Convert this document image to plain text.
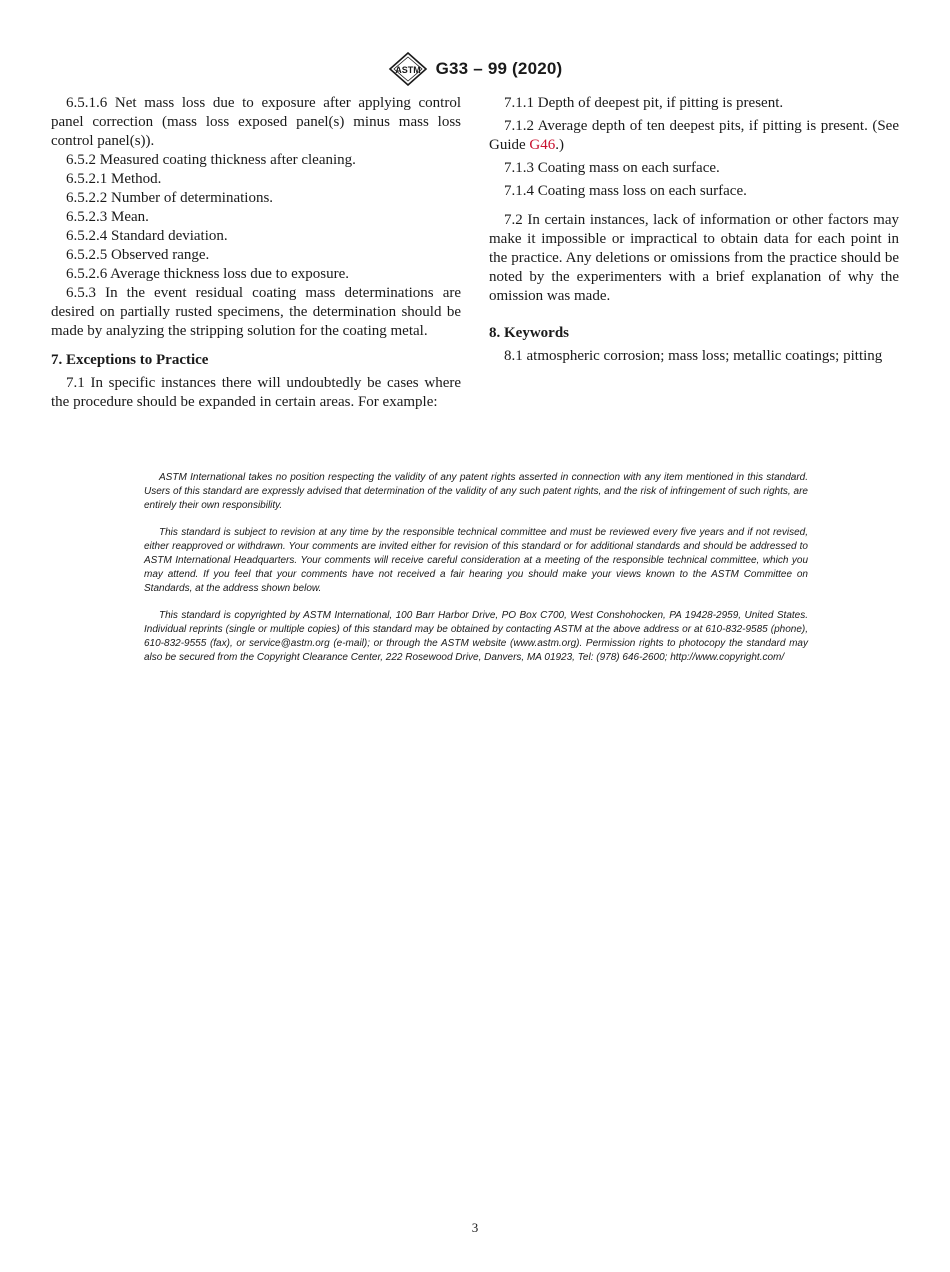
ASTM G33 – 99 (2020)

6.5.1.6 Net mass loss due to exposure after applying control panel correction (mass loss exposed panel(s) minus mass loss control panel(s)).

6.5.2 Measured coating thickness after cleaning.

6.5.2.1 Method.

6.5.2.2 Number of determinations.

6.5.2.3 Mean.

6.5.2.4 Standard deviation.

6.5.2.5 Observed range.

6.5.2.6 Average thickness loss due to exposure.

6.5.3 In the event residual coating mass determinations are desired on partially rusted specimens, the determination should be made by analyzing the stripping solution for the coating metal.

7. Exceptions to Practice

7.1 In specific instances there will undoubtedly be cases where the procedure should be expanded in certain areas. For example:

7.1.1 Depth of deepest pit, if pitting is present.

7.1.2 Average depth of ten deepest pits, if pitting is present. (See Guide G46.)

7.1.3 Coating mass on each surface.

7.1.4 Coating mass loss on each surface.

7.2 In certain instances, lack of information or other factors may make it impossible or impractical to obtain data for each point in the practice. Any deletions or omissions from the practice should be noted by the experimenters with a brief explanation of why the omission was made.

8. Keywords

8.1 atmospheric corrosion; mass loss; metallic coatings; pitting

ASTM International takes no position respecting the validity of any patent rights asserted in connection with any item mentioned in this standard. Users of this standard are expressly advised that determination of the validity of any such patent rights, and the risk of infringement of such rights, are entirely their own responsibility.

This standard is subject to revision at any time by the responsible technical committee and must be reviewed every five years and if not revised, either reapproved or withdrawn. Your comments are invited either for revision of this standard or for additional standards and should be addressed to ASTM International Headquarters. Your comments will receive careful consideration at a meeting of the responsible technical committee, which you may attend. If you feel that your comments have not received a fair hearing you should make your views known to the ASTM Committee on Standards, at the address shown below.

This standard is copyrighted by ASTM International, 100 Barr Harbor Drive, PO Box C700, West Conshohocken, PA 19428-2959, United States. Individual reprints (single or multiple copies) of this standard may be obtained by contacting ASTM at the above address or at 610-832-9585 (phone), 610-832-9555 (fax), or service@astm.org (e-mail); or through the ASTM website (www.astm.org). Permission rights to photocopy the standard may also be secured from the Copyright Clearance Center, 222 Rosewood Drive, Danvers, MA 01923, Tel: (978) 646-2600; http://www.copyright.com/

3
